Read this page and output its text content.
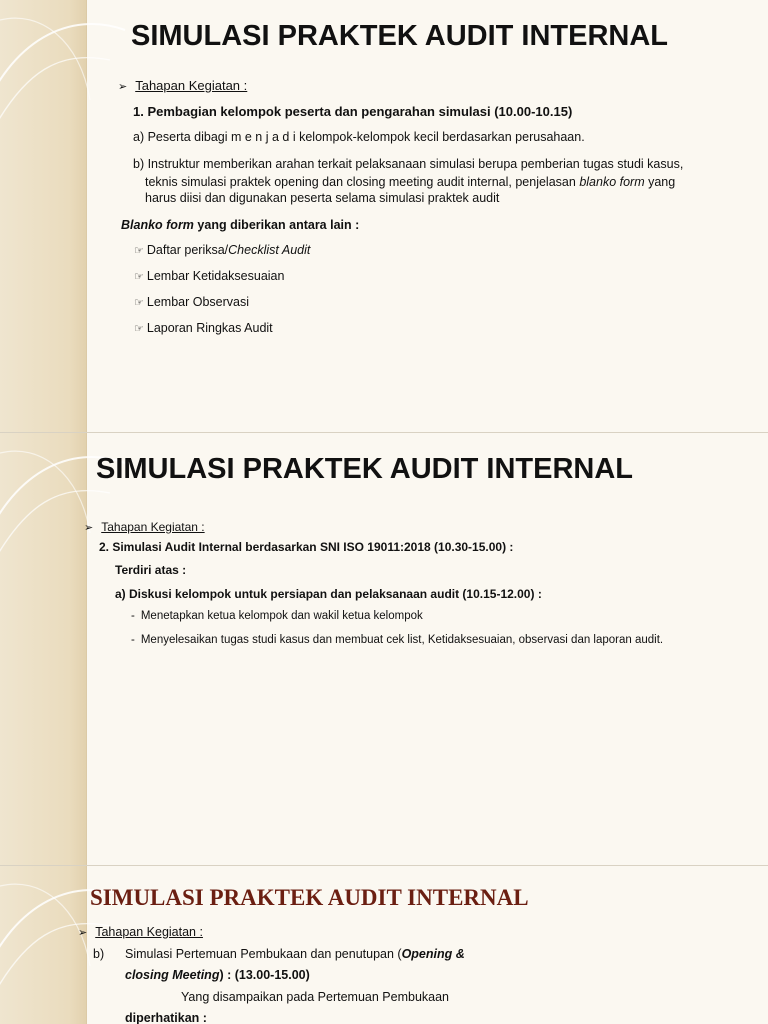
SIMULASI PRAKTEK AUDIT INTERNAL
➢ Tahapan Kegiatan :
1. Pembagian kelompok peserta dan pengarahan simulasi (10.00-10.15)
a) Peserta dibagi m e n j a d i kelompok-kelompok kecil berdasarkan perusahaan.
b) Instruktur memberikan arahan terkait pelaksanaan simulasi berupa pemberian tugas studi kasus,
teknis simulasi praktek opening dan closing meeting audit internal, penjelasan blanko form yang
harus diisi dan digunakan peserta selama simulasi praktek audit
Blanko form yang diberikan antara lain :
☞ Daftar periksa/Checklist Audit
☞ Lembar Ketidaksesuaian
☞ Lembar Observasi
☞ Laporan Ringkas Audit
SIMULASI PRAKTEK AUDIT INTERNAL
➢ Tahapan Kegiatan :
2. Simulasi Audit Internal berdasarkan SNI ISO 19011:2018 (10.30-15.00) :
Terdiri atas :
a) Diskusi kelompok untuk persiapan dan pelaksanaan audit (10.15-12.00) :
- Menetapkan ketua kelompok dan wakil ketua kelompok
- Menyelesaikan tugas studi kasus dan membuat cek list, Ketidaksesuaian, observasi dan laporan audit.
SIMULASI PRAKTEK AUDIT INTERNAL
➢ Tahapan Kegiatan :
b) Simulasi Pertemuan Pembukaan dan penutupan (Opening &
closing Meeting) : (13.00-15.00)
Yang disampaikan pada Pertemuan Pembukaan
diperhatikan :
